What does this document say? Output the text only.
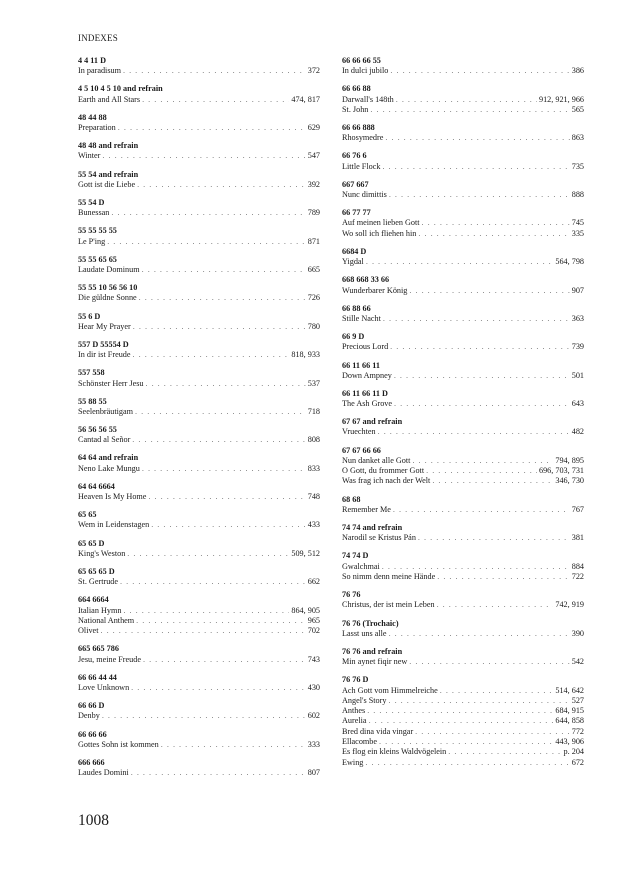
INDEXES
4 4 11 D
In paradisum . . .	372
4 5 10 4 5 10 and refrain
Earth and All Stars . . .	474, 817
48 44 88
Preparation . . .	629
48 48 and refrain
Winter . . .	547
55 54 and refrain
Gott ist die Liebe . . .	392
55 54 D
Bunessan . . .	789
55 55 55 55
Le P'ing . . .	871
55 55 65 65
Laudate Dominum . . .	665
55 55 10 56 56 10
Die güldne Sonne . . .	726
55 6 D
Hear My Prayer . . .	780
557 D 55554 D
In dir ist Freude . . .	818, 933
557 558
Schönster Herr Jesu . . .	537
55 88 55
Seelenbräutigam . . .	718
56 56 56 55
Cantad al Señor . . .	808
64 64 and refrain
Neno Lake Mungu . . .	833
64 64 6664
Heaven Is My Home . . .	748
65 65
Wem in Leidenstagen . . .	433
65 65 D
King's Weston . . .	509, 512
65 65 65 D
St. Gertrude . . .	662
664 6664
Italian Hymn . . .	864, 905
National Anthem . . .	965
Olivet . . .	702
665 665 786
Jesu, meine Freude . . .	743
66 66 44 44
Love Unknown . . .	430
66 66 D
Denby . . .	602
66 66 66
Gottes Sohn ist kommen . . .	333
666 666
Laudes Domini . . .	807
66 66 66 55
In dulci jubilo . . .	386
66 66 88
Darwall's 148th . . .	912, 921, 966
St. John . . .	565
66 66 888
Rhosymedre . . .	863
66 76 6
Little Flock . . .	735
667 667
Nunc dimittis . . .	888
66 77 77
Auf meinen lieben Gott . . .	745
Wo soll ich fliehen hin . . .	335
6684 D
Yigdal . . .	564, 798
668 668 33 66
Wunderbarer König . . .	907
66 88 66
Stille Nacht . . .	363
66 9 D
Precious Lord . . .	739
66 11 66 11
Down Ampney . . .	501
66 11 66 11 D
The Ash Grove . . .	643
67 67 and refrain
Vruechten . . .	482
67 67 66 66
Nun danket alle Gott . . .	794, 895
O Gott, du frommer Gott . . .	696, 703, 731
Was frag ich nach der Welt . . .	346, 730
68 68
Remember Me . . .	767
74 74 and refrain
Narodil se Kristus Pán . . .	381
74 74 D
Gwalchmai . . .	884
So nimm denn meine Hände . . .	722
76 76
Christus, der ist mein Leben . . .	742, 919
76 76 (Trochaic)
Lasst uns alle . . .	390
76 76 and refrain
Min aynet fiqir new . . .	542
76 76 D
Ach Gott vom Himmelreiche . . .	514, 642
Angel's Story . . .	527
Anthes . . .	684, 915
Aurelia . . .	644, 858
Bred dina vida vingar . . .	772
Ellacombe . . .	443, 906
Es flog ein kleins Waldvögelein . . .	p. 204
Ewing . . .	672
1008
